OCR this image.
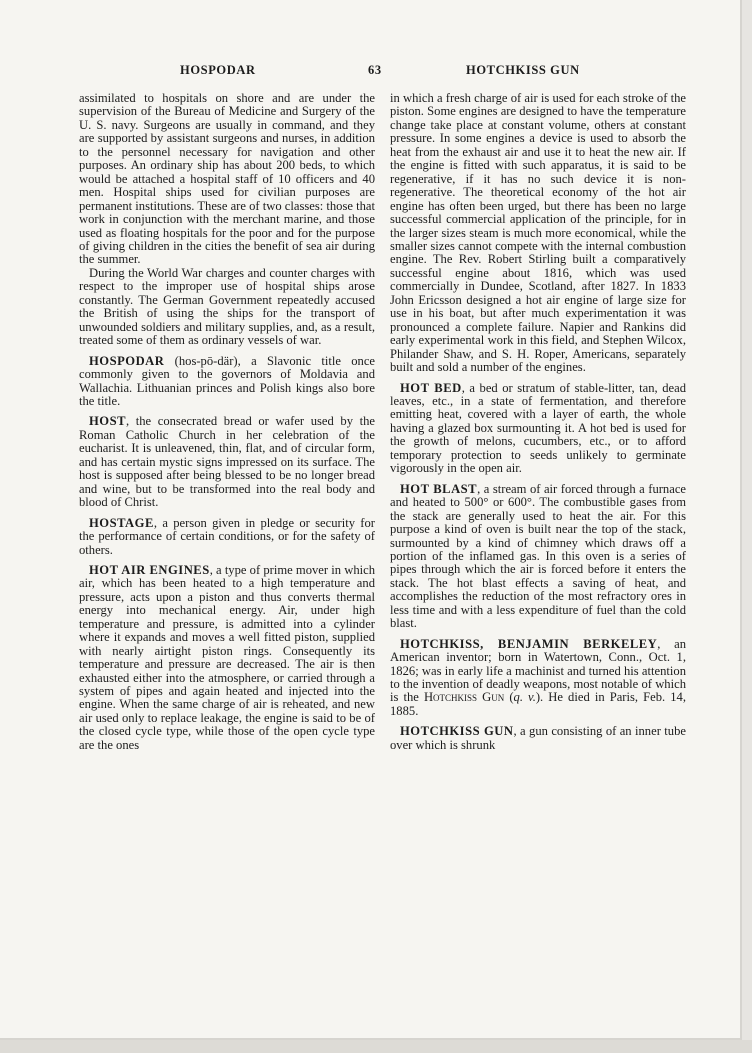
HOSPODAR	63	HOTCHKISS GUN

assimilated to hospitals on shore and are under the supervision of the Bureau of Medicine and Surgery of the U. S. navy. Surgeons are usually in command, and they are supported by assistant surgeons and nurses, in addition to the personnel necessary for navigation and other purposes. An ordinary ship has about 200 beds, to which would be attached a hospital staff of 10 officers and 40 men. Hospital ships used for civilian purposes are permanent institutions. These are of two classes: those that work in conjunction with the merchant marine, and those used as floating hospitals for the poor and for the purpose of giving children in the cities the benefit of sea air during the summer.

During the World War charges and counter charges with respect to the improper use of hospital ships arose constantly. The German Government repeatedly accused the British of using the ships for the transport of unwounded soldiers and military supplies, and, as a result, treated some of them as ordinary vessels of war.

HOSPODAR (hos-pō-där), a Slavonic title once commonly given to the governors of Moldavia and Wallachia. Lithuanian princes and Polish kings also bore the title.

HOST, the consecrated bread or wafer used by the Roman Catholic Church in her celebration of the eucharist. It is unleavened, thin, flat, and of circular form, and has certain mystic signs impressed on its surface. The host is supposed after being blessed to be no longer bread and wine, but to be transformed into the real body and blood of Christ.

HOSTAGE, a person given in pledge or security for the performance of certain conditions, or for the safety of others.

HOT AIR ENGINES, a type of prime mover in which air, which has been heated to a high temperature and pressure, acts upon a piston and thus converts thermal energy into mechanical energy. Air, under high temperature and pressure, is admitted into a cylinder where it expands and moves a well fitted piston, supplied with nearly airtight piston rings. Consequently its temperature and pressure are decreased. The air is then exhausted either into the atmosphere, or carried through a system of pipes and again heated and injected into the engine. When the same charge of air is reheated, and new air used only to replace leakage, the engine is said to be of the closed cycle type, while those of the open cycle type are the ones

in which a fresh charge of air is used for each stroke of the piston. Some engines are designed to have the temperature change take place at constant volume, others at constant pressure. In some engines a device is used to absorb the heat from the exhaust air and use it to heat the new air. If the engine is fitted with such apparatus, it is said to be regenerative, if it has no such device it is non-regenerative. The theoretical economy of the hot air engine has often been urged, but there has been no large successful commercial application of the principle, for in the larger sizes steam is much more economical, while the smaller sizes cannot compete with the internal combustion engine. The Rev. Robert Stirling built a comparatively successful engine about 1816, which was used commercially in Dundee, Scotland, after 1827. In 1833 John Ericsson designed a hot air engine of large size for use in his boat, but after much experimentation it was pronounced a complete failure. Napier and Rankins did early experimental work in this field, and Stephen Wilcox, Philander Shaw, and S. H. Roper, Americans, separately built and sold a number of the engines.

HOT BED, a bed or stratum of stable-litter, tan, dead leaves, etc., in a state of fermentation, and therefore emitting heat, covered with a layer of earth, the whole having a glazed box surmounting it. A hot bed is used for the growth of melons, cucumbers, etc., or to afford temporary protection to seeds unlikely to germinate vigorously in the open air.

HOT BLAST, a stream of air forced through a furnace and heated to 500° or 600°. The combustible gases from the stack are generally used to heat the air. For this purpose a kind of oven is built near the top of the stack, surmounted by a kind of chimney which draws off a portion of the inflamed gas. In this oven is a series of pipes through which the air is forced before it enters the stack. The hot blast effects a saving of heat, and accomplishes the reduction of the most refractory ores in less time and with a less expenditure of fuel than the cold blast.

HOTCHKISS, BENJAMIN BERKELEY, an American inventor; born in Watertown, Conn., Oct. 1, 1826; was in early life a machinist and turned his attention to the invention of deadly weapons, most notable of which is the Hotchkiss Gun (q. v.). He died in Paris, Feb. 14, 1885.

HOTCHKISS GUN, a gun consisting of an inner tube over which is shrunk
